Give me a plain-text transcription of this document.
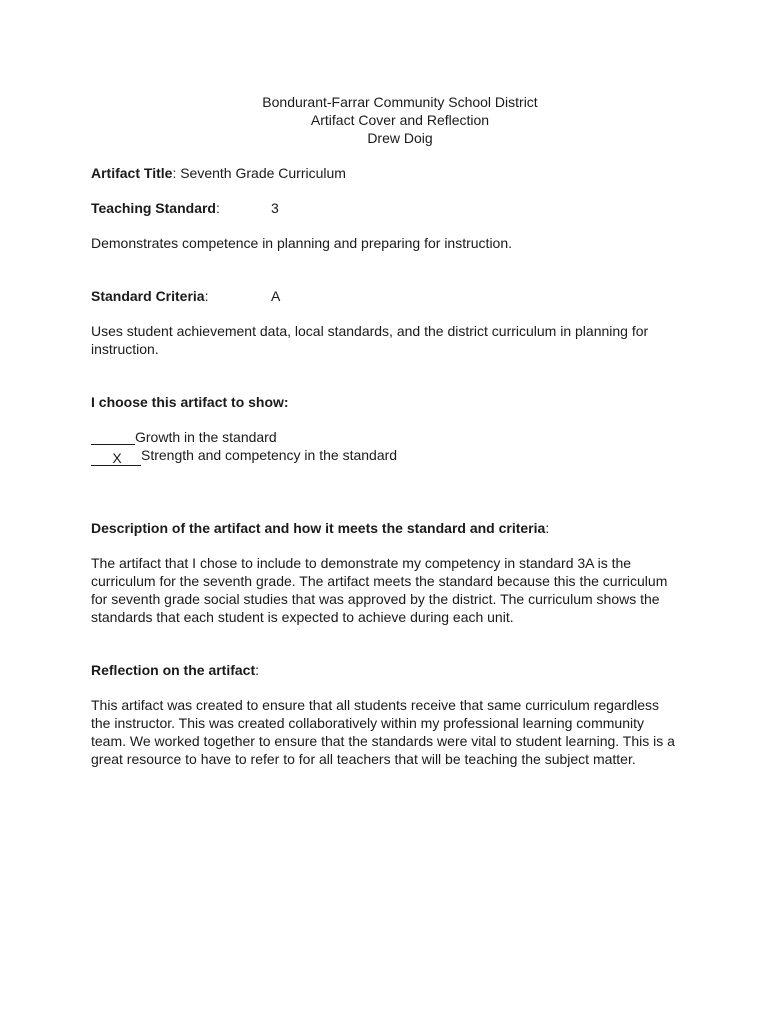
Bondurant-Farrar Community School District
Artifact Cover and Reflection
Drew Doig
Artifact Title: Seventh Grade Curriculum
Teaching Standard:	3
Demonstrates competence in planning and preparing for instruction.
Standard Criteria:	A
Uses student achievement data, local standards, and the district curriculum in planning for instruction.
I choose this artifact to show:
Growth in the standard
X Strength and competency in the standard
Description of the artifact and how it meets the standard and criteria:
The artifact that I chose to include to demonstrate my competency in standard 3A is the curriculum for the seventh grade. The artifact meets the standard because this the curriculum for seventh grade social studies that was approved by the district. The curriculum shows the standards that each student is expected to achieve during each unit.
Reflection on the artifact:
This artifact was created to ensure that all students receive that same curriculum regardless the instructor. This was created collaboratively within my professional learning community team. We worked together to ensure that the standards were vital to student learning. This is a great resource to have to refer to for all teachers that will be teaching the subject matter.
